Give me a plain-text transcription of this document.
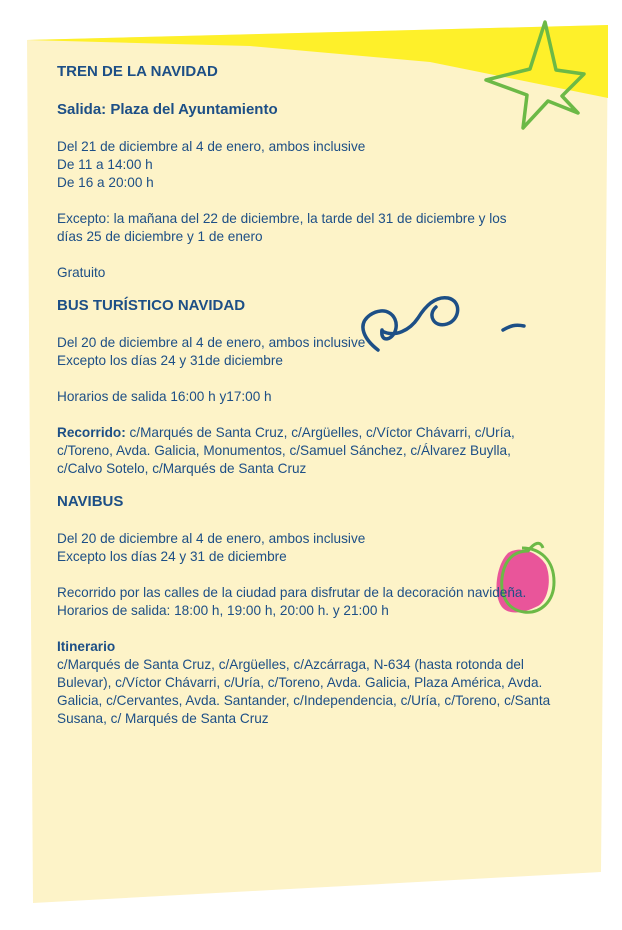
TREN DE LA NAVIDAD
Salida: Plaza del Ayuntamiento

Del 21 de diciembre al 4 de enero, ambos inclusive

De 11 a 14:00 h

De 16 a 20:00 h

Excepto: la mañana del 22 de diciembre, la tarde del 31 de diciembre y los

días 25 de diciembre y 1 de enero

Gratuito

BUS TURÍSTICO NAVIDAD

Del 20 de diciembre al 4 de enero, ambos inclusive

Excepto los días 24 y 31de diciembre

Horarios de salida 16:00 h y17:00 h

Recorrido: c/Marqués de Santa Cruz, c/Argüelles, c/Víctor Chávarri, c/Uría,

c/Toreno, Avda. Galicia, Monumentos, c/Samuel Sánchez, c/Álvarez Buylla,

c/Calvo Sotelo, c/Marqués de Santa Cruz

NAVIBUS

Del 20 de diciembre al 4 de enero, ambos inclusive

Excepto los días 24 y 31 de diciembre

Recorrido por las calles de la ciudad para disfrutar de la decoración navideña.

Horarios de salida: 18:00 h, 19:00 h, 20:00 h. y 21:00 h

Itinerario

c/Marqués de Santa Cruz, c/Argüelles, c/Azcárraga, N-634 (hasta rotonda del

Bulevar), c/Víctor Chávarri, c/Uría, c/Toreno, Avda. Galicia, Plaza América, Avda.

Galicia, c/Cervantes, Avda. Santander, c/Independencia, c/Uría, c/Toreno, c/Santa

Susana, c/ Marqués de Santa Cruz
